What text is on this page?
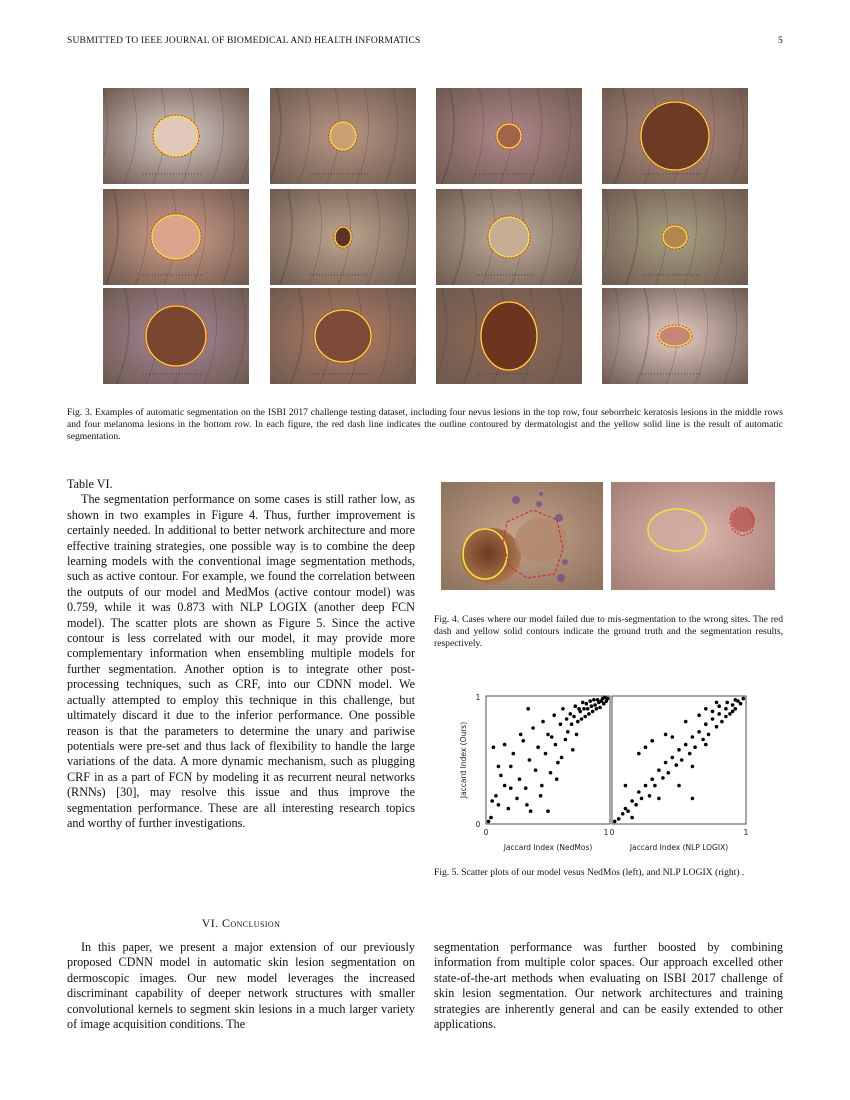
SUBMITTED TO IEEE JOURNAL OF BIOMEDICAL AND HEALTH INFORMATICS	5
Fig. 3. Examples of automatic segmentation on the ISBI 2017 challenge testing dataset, including four nevus lesions in the top row, four seborrheic keratosis lesions in the middle rows and four melanoma lesions in the bottom row. In each figure, the red dash line indicates the outline contoured by dermatologist and the yellow solid line is the result of automatic segmentation.

Table VI.

The segmentation performance on some cases is still rather low, as shown in two examples in Figure 4. Thus, further improvement is certainly needed. In additional to better network architecture and more effective training strategies, one possible way is to combine the deep learning models with the conventional image segmentation methods, such as active contour. For example, we found the correlation between the outputs of our model and MedMos (active contour model) was 0.759, while it was 0.873 with NLP LOGIX (another deep FCN model). The scatter plots are shown as Figure 5. Since the active contour is less correlated with our model, it may provide more complementary information when ensembling multiple models for further segmentation. Another option is to integrate other post-processing techniques, such as CRF, into our CDNN model. We actually attempted to employ this technique in this challenge, but ultimately discard it due to the inferior performance. One possible reason is that the parameters to determine the unary and pariwise potentials were pre-set and thus lack of flexibility to handle the large variations of the data. A more dynamic mechanism, such as plugging CRF in as a part of FCN by modeling it as recurrent neural networks (RNNs) [30], may resolve this issue and thus improve the segmentation performance. These are all interesting research topics and worthy of further investigations.

Fig. 4. Cases where our model failed due to mis-segmentation to the wrong sites. The red dash and yellow solid contours indicate the ground truth and the segmentation results, respectively.
0	1
Jaccard Index (NedMos)
1
0
Jaccard Index (Ours)
0	1
Jaccard Index (NLP LOGIX)
Fig. 5. Scatter plots of our model vesus NedMos (left), and NLP LOGIX (right) .
VI. Conclusion
In this paper, we present a major extension of our previously proposed CDNN model in automatic skin lesion segmentation on dermoscopic images. Our new model leverages the increased discriminant capability of deeper network structures with smaller convolutional kernels to segment skin lesions in a much larger variety of image acquisition conditions. The
segmentation performance was further boosted by combining information from multiple color spaces. Our approach excelled other state-of-the-art methods when evaluating on ISBI 2017 challenge of skin lesion segmentation. Our network architectures and training strategies are inherently general and can be easily extended to other applications.
